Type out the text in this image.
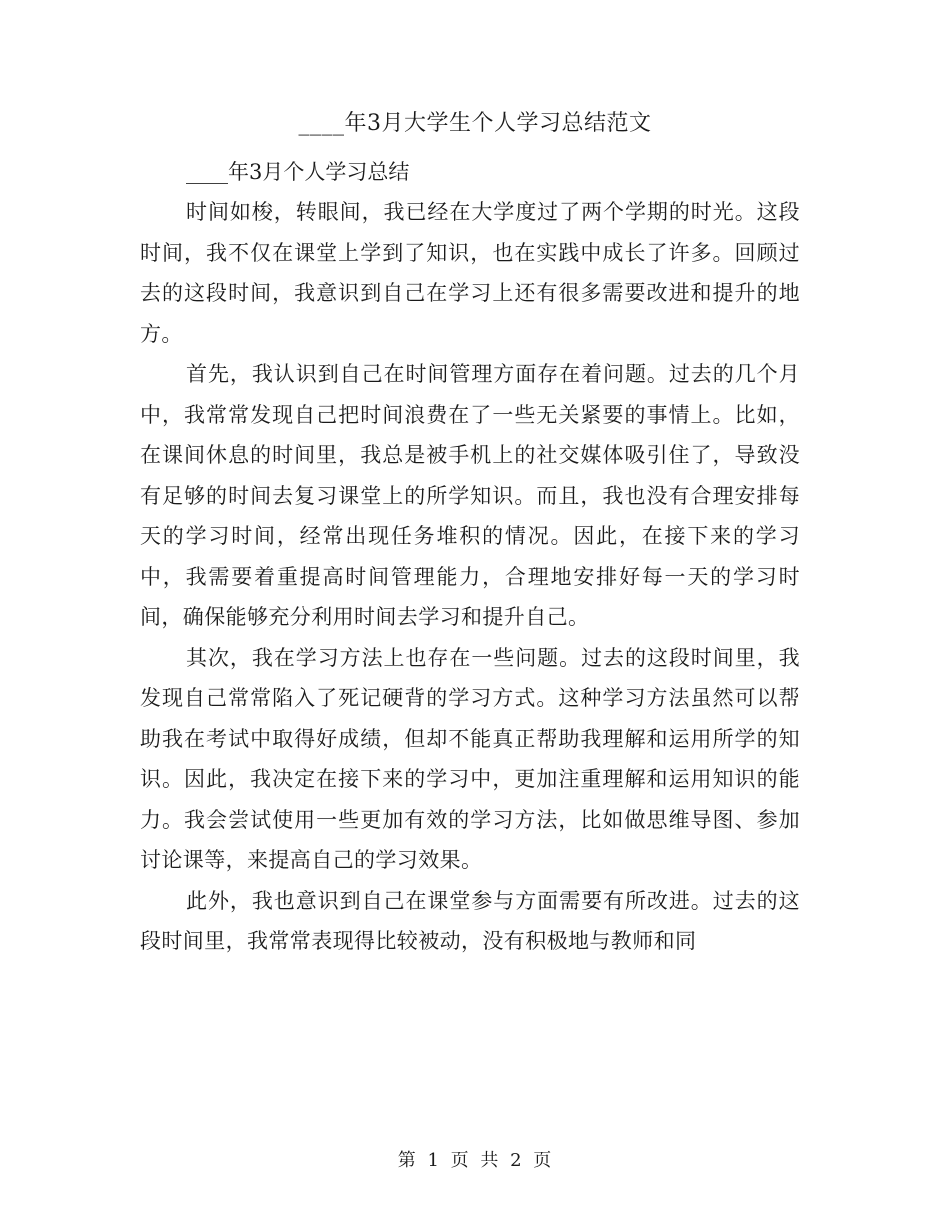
____年3月大学生个人学习总结范文

____年3月个人学习总结

时间如梭，转眼间，我已经在大学度过了两个学期的时光。这段时间，我不仅在课堂上学到了知识，也在实践中成长了许多。回顾过去的这段时间，我意识到自己在学习上还有很多需要改进和提升的地方。

首先，我认识到自己在时间管理方面存在着问题。过去的几个月中，我常常发现自己把时间浪费在了一些无关紧要的事情上。比如，在课间休息的时间里，我总是被手机上的社交媒体吸引住了，导致没有足够的时间去复习课堂上的所学知识。而且，我也没有合理安排每天的学习时间，经常出现任务堆积的情况。因此，在接下来的学习中，我需要着重提高时间管理能力，合理地安排好每一天的学习时间，确保能够充分利用时间去学习和提升自己。

其次，我在学习方法上也存在一些问题。过去的这段时间里，我发现自己常常陷入了死记硬背的学习方式。这种学习方法虽然可以帮助我在考试中取得好成绩，但却不能真正帮助我理解和运用所学的知识。因此，我决定在接下来的学习中，更加注重理解和运用知识的能力。我会尝试使用一些更加有效的学习方法，比如做思维导图、参加讨论课等，来提高自己的学习效果。

此外，我也意识到自己在课堂参与方面需要有所改进。过去的这段时间里，我常常表现得比较被动，没有积极地与教师和同

第 1 页 共 2 页
